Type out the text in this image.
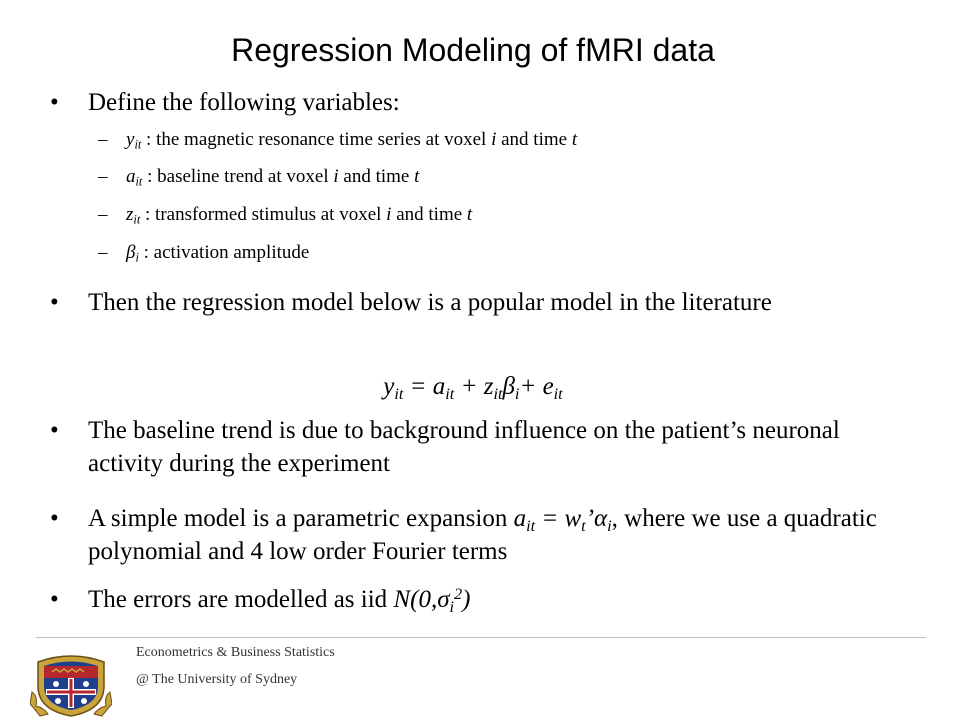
Regression Modeling of fMRI data
• Define the following variables:
– $y_{it}$ : the magnetic resonance time series at voxel i and time t
– $a_{it}$ : baseline trend at voxel i and time t
– $z_{it}$ : transformed stimulus at voxel i and time t
– $\beta_i$ : activation amplitude
• Then the regression model below is a popular model in the literature
$y_{it} = a_{it} + z_{it}\beta_i+ e_{it}$
• The baseline trend is due to background influence on the patient’s neuronal activity during the experiment
• A simple model is a parametric expansion $a_{it}$ = $w_t’\alpha_i$, where we use a quadratic polynomial and 4 low order Fourier terms
• The errors are modelled as iid $N(0,\sigma_i^2)$
Econometrics & Business Statistics
@ The University of Sydney
